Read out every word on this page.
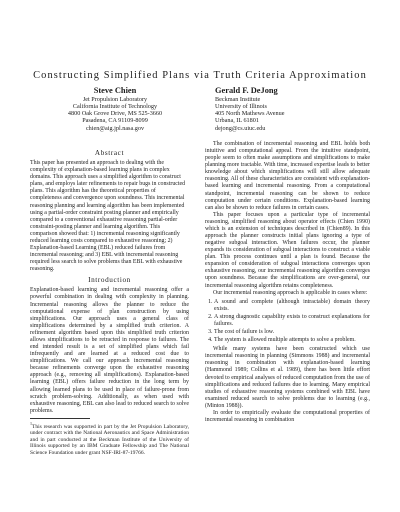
Constructing Simplified Plans via Truth Criteria Approximation
Steve Chien
Jet Propulsion Laboratory
California Institute of Technology
4800 Oak Grove Drive, MS 525-3660
Pasadena, CA 91109-8099
chien@aig.jpl.nasa.gov
Gerald F. DeJong
Beckman Institute
University of Illinois
405 North Mathews Avenue
Urbana, IL 61801
dejong@cs.uiuc.edu

Abstract

This paper has presented an approach to dealing with the complexity of explanation-based learning plans in complex domains. This approach uses a simplified algorithm to construct plans, and employs later refinements to repair bugs in constructed plans. This algorithm has the theoretical properties of completeness and convergence upon soundness. This incremental reasoning planning and learning algorithm has been implemented using a partial-order constraint posting planner and empirically compared to a conventional exhaustive reasoning partial-order constraint-posting planner and learning algorithm. This comparison showed that: 1) incremental reasoning significantly reduced learning costs compared to exhaustive reasoning; 2) Explanation-based Learning (EBL) reduced failures from incremental reasoning; and 3) EBL with incremental reasoning required less search to solve problems than EBL with exhaustive reasoning.

Introduction

Explanation-based learning and incremental reasoning offer a powerful combination in dealing with complexity in planning. Incremental reasoning allows the planner to reduce the computational expense of plan construction by using simplifications. Our approach uses a general class of simplifications determined by a simplified truth criterion. A refinement algorithm based upon this simplified truth criterion allows simplifications to be retracted in response to failures. The end intended result is a set of simplified plans which fail infrequently and are learned at a reduced cost due to simplifications. We call our approach incremental reasoning because refinements converge upon the exhaustive reasoning approach (e.g., removing all simplifications). Explanation-based learning (EBL) offers failure reduction in the long term by allowing learned plans to be used in place of failure-prone from scratch problem-solving. Additionally, as when used with exhaustive reasoning, EBL can also lead to reduced search to solve problems.

$^1$This research was supported in part by the Jet Propulsion Laboratory, under contract with the National Aeronautics and Space Administration and in part conducted at the Beckman Institute of the University of Illinois supported by an IBM Graduate Fellowship and The National Science Foundation under grant NSF-IRI-87-19766.

The combination of incremental reasoning and EBL holds both intuitive and computational appeal. From the intuitive standpoint, people seem to often make assumptions and simplifications to make planning more tractable. With time, increased expertise leads to better knowledge about which simplifications will still allow adequate reasoning. All of these characteristics are consistent with explanation-based learning and incremental reasoning. From a computational standpoint, incremental reasoning can be shown to reduce computation under certain conditions. Explanation-based learning can also be shown to reduce failures in certain cases.

This paper focuses upon a particular type of incremental reasoning, simplified reasoning about operator effects (Chien 1990) which is an extension of techniques described in (Chien89). In this approach the planner constructs initial plans ignoring a type of negative subgoal interaction. When failures occur, the planner expands its consideration of subgoal interactions to construct a viable plan. This process continues until a plan is found. Because the expansion of consideration of subgoal interactions converges upon exhaustive reasoning, our incremental reasoning algorithm converges upon soundness. Because the simplifications are over-general, our incremental reasoning algorithm retains completeness.

Our incremental reasoning approach is applicable in cases where:

1. A sound and complete (although intractable) domain theory exists.
2. A strong diagnostic capability exists to construct explanations for failures.
3. The cost of failure is low.
4. The system is allowed multiple attempts to solve a problem.

While many systems have been constructed which use incremental reasoning in planning (Simmons 1988) and incremental reasoning in combination with explanation-based learning (Hammond 1989; Collins et al. 1989), there has been little effort devoted to empirical analyses of reduced computation from the use of simplifications and reduced failures due to learning. Many empirical studies of exhaustive reasoning systems combined with EBL have examined reduced search to solve problems due to learning (e.g., (Minton 1988)).

In order to empirically evaluate the computational properties of incremental reasoning in combination
